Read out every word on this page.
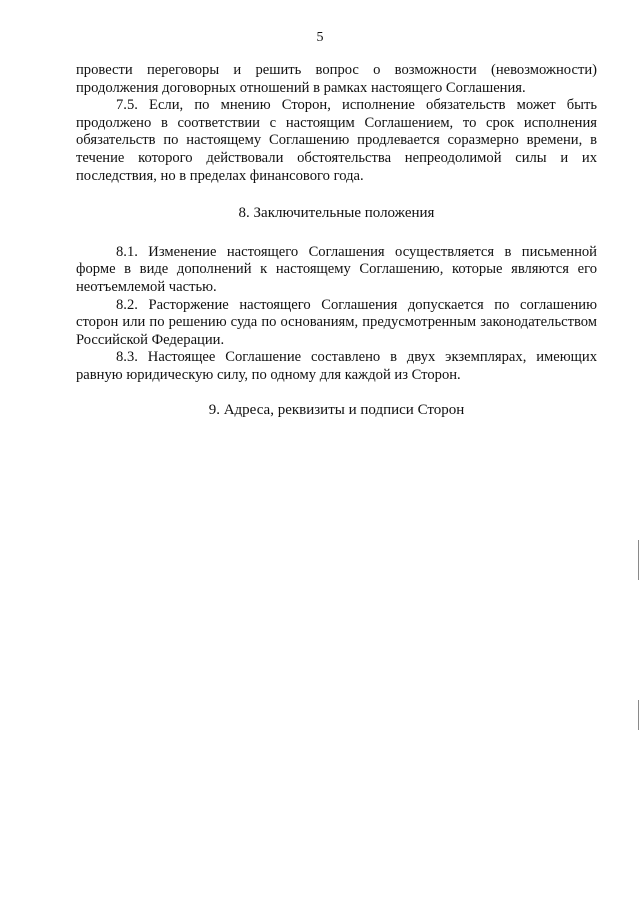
5

провести переговоры и решить вопрос о возможности (невозможности) продолжения договорных отношений в рамках настоящего Соглашения.

7.5. Если, по мнению Сторон, исполнение обязательств может быть продолжено в соответствии с настоящим Соглашением, то срок исполнения обязательств по настоящему Соглашению продлевается соразмерно времени, в течение которого действовали обстоятельства непреодолимой силы и их последствия, но в пределах финансового года.

8. Заключительные положения

8.1. Изменение настоящего Соглашения осуществляется в письменной форме в виде дополнений к настоящему Соглашению, которые являются его неотъемлемой частью.

8.2. Расторжение настоящего Соглашения допускается по соглашению сторон или по решению суда по основаниям, предусмотренным законодательством Российской Федерации.

8.3. Настоящее Соглашение составлено в двух экземплярах, имеющих равную юридическую силу, по одному для каждой из Сторон.

9. Адреса, реквизиты и подписи Сторон
